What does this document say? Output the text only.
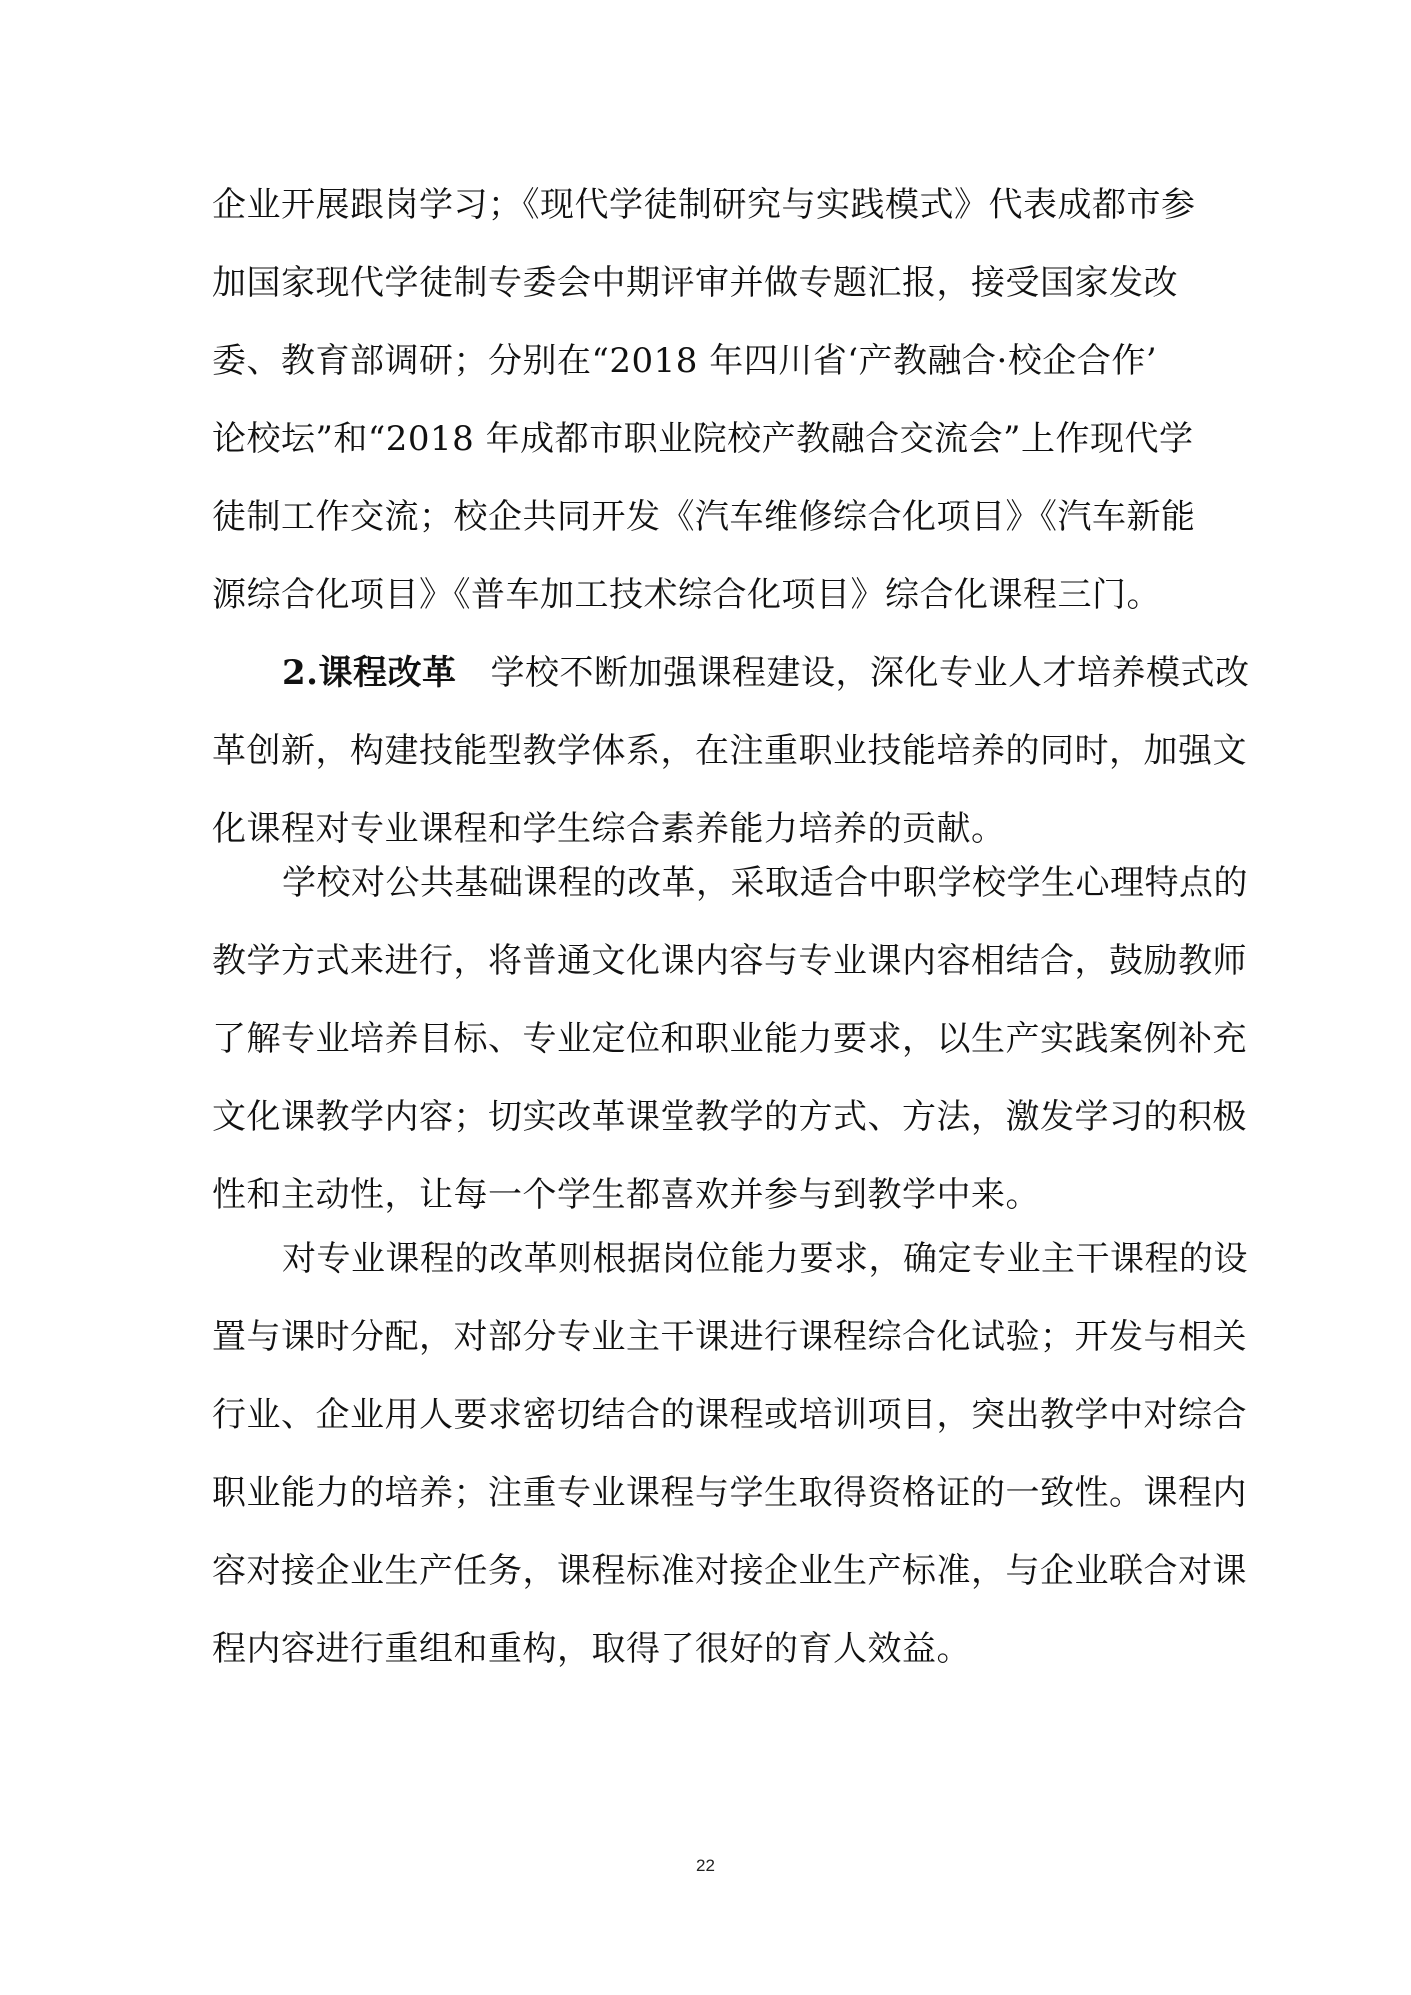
企业开展跟岗学习；《现代学徒制研究与实践模式》代表成都市参
加国家现代学徒制专委会中期评审并做专题汇报，接受国家发改
委、教育部调研；分别在“2018 年四川省‘产教融合·校企合作’
论校坛”和“2018 年成都市职业院校产教融合交流会”上作现代学
徒制工作交流；校企共同开发《汽车维修综合化项目》《汽车新能
源综合化项目》《普车加工技术综合化项目》综合化课程三门。
2.课程改革 学校不断加强课程建设，深化专业人才培养模式改
革创新，构建技能型教学体系，在注重职业技能培养的同时，加强文
化课程对专业课程和学生综合素养能力培养的贡献。
学校对公共基础课程的改革，采取适合中职学校学生心理特点的
教学方式来进行，将普通文化课内容与专业课内容相结合，鼓励教师
了解专业培养目标、专业定位和职业能力要求，以生产实践案例补充
文化课教学内容；切实改革课堂教学的方式、方法，激发学习的积极
性和主动性，让每一个学生都喜欢并参与到教学中来。
对专业课程的改革则根据岗位能力要求，确定专业主干课程的设
置与课时分配，对部分专业主干课进行课程综合化试验；开发与相关
行业、企业用人要求密切结合的课程或培训项目，突出教学中对综合
职业能力的培养；注重专业课程与学生取得资格证的一致性。课程内
容对接企业生产任务，课程标准对接企业生产标准，与企业联合对课
程内容进行重组和重构，取得了很好的育人效益。
22
